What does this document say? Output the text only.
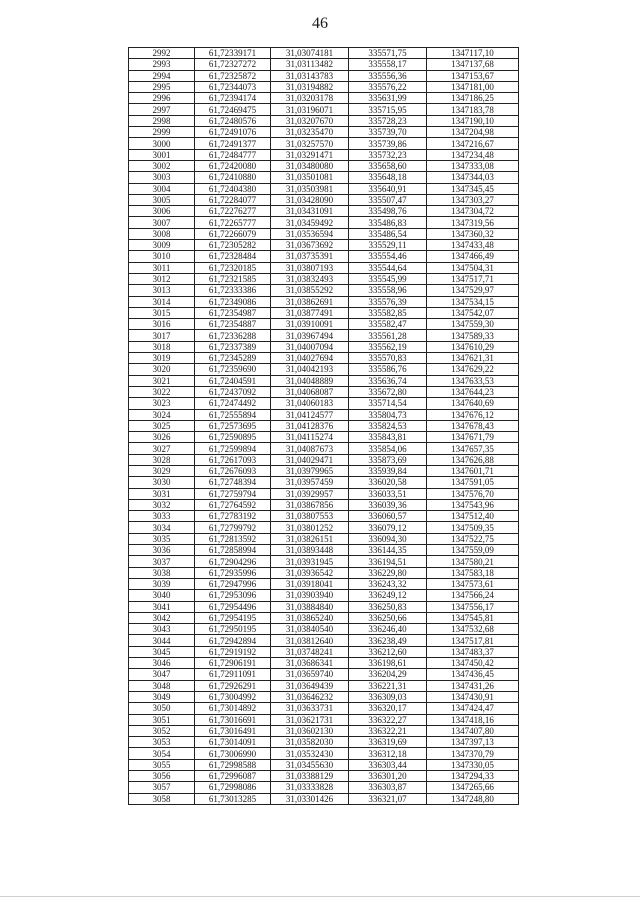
46
2992	61,72339171	31,03074181	335571,75	1347117,10
2993	61,72327272	31,03113482	335558,17	1347137,68
2994	61,72325872	31,03143783	335556,36	1347153,67
2995	61,72344073	31,03194882	335576,22	1347181,00
2996	61,72394174	31,03203178	335631,99	1347186,25
2997	61,72469475	31,03196071	335715,95	1347183,78
2998	61,72480576	31,03207670	335728,23	1347190,10
2999	61,72491076	31,03235470	335739,70	1347204,98
3000	61,72491377	31,03257570	335739,86	1347216,67
3001	61,72484777	31,03291471	335732,23	1347234,48
3002	61,72420080	31,03480080	335658,60	1347333,08
3003	61,72410880	31,03501081	335648,18	1347344,03
3004	61,72404380	31,03503981	335640,91	1347345,45
3005	61,72284077	31,03428090	335507,47	1347303,27
3006	61,72276277	31,03431091	335498,76	1347304,72
3007	61,72265777	31,03459492	335486,83	1347319,56
3008	61,72266079	31,03536594	335486,54	1347360,32
3009	61,72305282	31,03673692	335529,11	1347433,48
3010	61,72328484	31,03735391	335554,46	1347466,49
3011	61,72320185	31,03807193	335544,64	1347504,31
3012	61,72321585	31,03832493	335545,99	1347517,71
3013	61,72333386	31,03855292	335558,96	1347529,97
3014	61,72349086	31,03862691	335576,39	1347534,15
3015	61,72354987	31,03877491	335582,85	1347542,07
3016	61,72354887	31,03910091	335582,47	1347559,30
3017	61,72336288	31,03967494	335561,28	1347589,33
3018	61,72337389	31,04007094	335562,19	1347610,29
3019	61,72345289	31,04027694	335570,83	1347621,31
3020	61,72359690	31,04042193	335586,76	1347629,22
3021	61,72404591	31,04048889	335636,74	1347633,53
3022	61,72437092	31,04068087	335672,80	1347644,23
3023	61,72474492	31,04060183	335714,54	1347640,69
3024	61,72555894	31,04124577	335804,73	1347676,12
3025	61,72573695	31,04128376	335824,53	1347678,43
3026	61,72590895	31,04115274	335843,81	1347671,79
3027	61,72599894	31,04087673	335854,06	1347657,35
3028	61,72617093	31,04029471	335873,69	1347626,88
3029	61,72676093	31,03979965	335939,84	1347601,71
3030	61,72748394	31,03957459	336020,58	1347591,05
3031	61,72759794	31,03929957	336033,51	1347576,70
3032	61,72764592	31,03867856	336039,36	1347543,96
3033	61,72783192	31,03807553	336060,57	1347512,40
3034	61,72799792	31,03801252	336079,12	1347509,35
3035	61,72813592	31,03826151	336094,30	1347522,75
3036	61,72858994	31,03893448	336144,35	1347559,09
3037	61,72904296	31,03931945	336194,51	1347580,21
3038	61,72935996	31,03936542	336229,80	1347583,18
3039	61,72947996	31,03918041	336243,32	1347573,61
3040	61,72953096	31,03903940	336249,12	1347566,24
3041	61,72954496	31,03884840	336250,83	1347556,17
3042	61,72954195	31,03865240	336250,66	1347545,81
3043	61,72950195	31,03840540	336246,40	1347532,68
3044	61,72942894	31,03812640	336238,49	1347517,81
3045	61,72919192	31,03748241	336212,60	1347483,37
3046	61,72906191	31,03686341	336198,61	1347450,42
3047	61,72911091	31,03659740	336204,29	1347436,45
3048	61,72926291	31,03649439	336221,31	1347431,26
3049	61,73004992	31,03646232	336309,03	1347430,91
3050	61,73014892	31,03633731	336320,17	1347424,47
3051	61,73016691	31,03621731	336322,27	1347418,16
3052	61,73016491	31,03602130	336322,21	1347407,80
3053	61,73014091	31,03582030	336319,69	1347397,13
3054	61,73006990	31,03532430	336312,18	1347370,79
3055	61,72998588	31,03455630	336303,44	1347330,05
3056	61,72996087	31,03388129	336301,20	1347294,33
3057	61,72998086	31,03333828	336303,87	1347265,66
3058	61,73013285	31,03301426	336321,07	1347248,80
